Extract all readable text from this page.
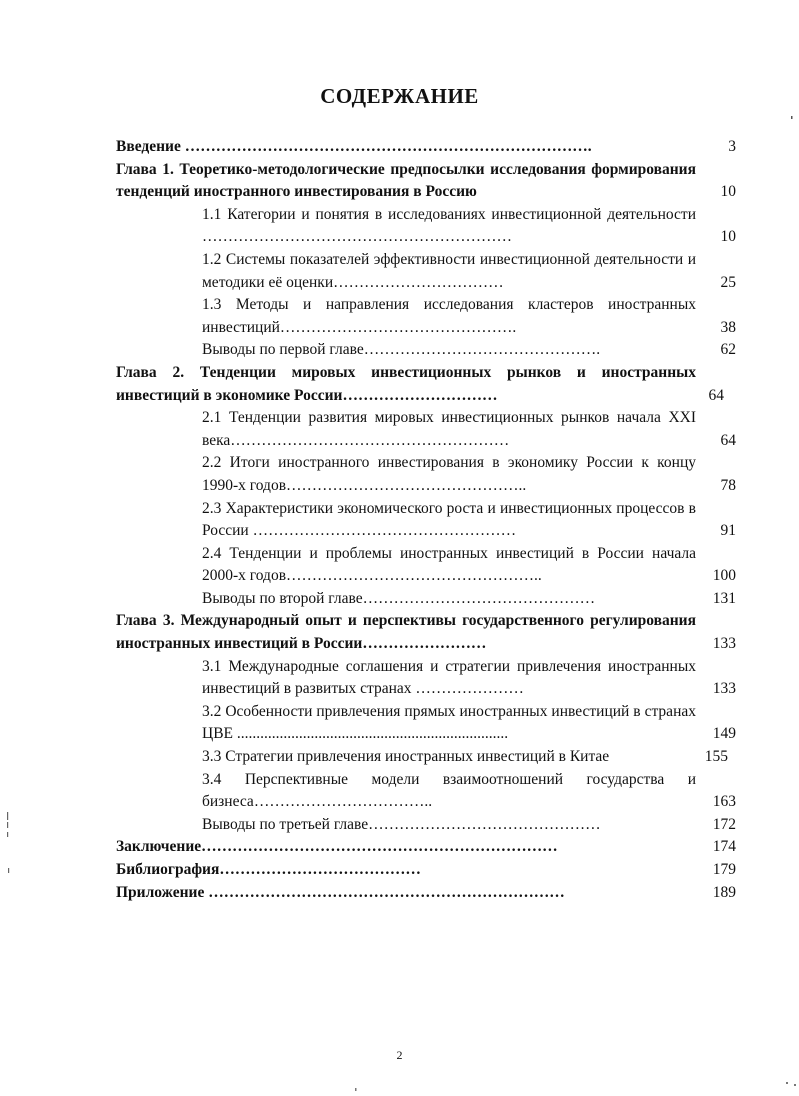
СОДЕРЖАНИЕ
Введение …………………………………………………………………….	3
Глава 1. Теоретико-методологические предпосылки исследования формирования тенденций иностранного инвестирования в Россию	10
1.1 Категории и понятия в исследованиях инвестиционной деятельности ……………………………………………………	10
1.2 Системы показателей эффективности инвестиционной деятельности и методики её оценки……………………………	25
1.3 Методы и направления исследования кластеров иностранных инвестиций……………………………………….	38
Выводы по первой главе……………………………………….	62
Глава 2. Тенденции мировых инвестиционных рынков и иностранных инвестиций в экономике России…………………………	64
2.1 Тенденции развития мировых инвестиционных рынков начала XXI века………………………………………………	64
2.2 Итоги иностранного инвестирования в экономику России к концу 1990-х годов………………………………………..	78
2.3 Характеристики экономического роста и инвестиционных процессов в России ……………………………………………	91
2.4 Тенденции и проблемы иностранных инвестиций в России начала 2000-х годов…………………………………………..	100
Выводы по второй главе………………………………………	131
Глава 3. Международный опыт и перспективы государственного регулирования иностранных инвестиций в России……………………	133
3.1 Международные соглашения и стратегии привлечения иностранных инвестиций в развитых странах …………………	133
3.2 Особенности привлечения прямых иностранных инвестиций в странах ЦВЕ ......................................................................	149
3.3 Стратегии привлечения иностранных инвестиций в Китае	155
3.4 Перспективные модели взаимоотношений государства и бизнеса……………………………..	163
Выводы по третьей главе………………………………………	172
Заключение……………………………………………………………	174
Библиография…………………………………	179
Приложение ……………………………………………………………	189
2
